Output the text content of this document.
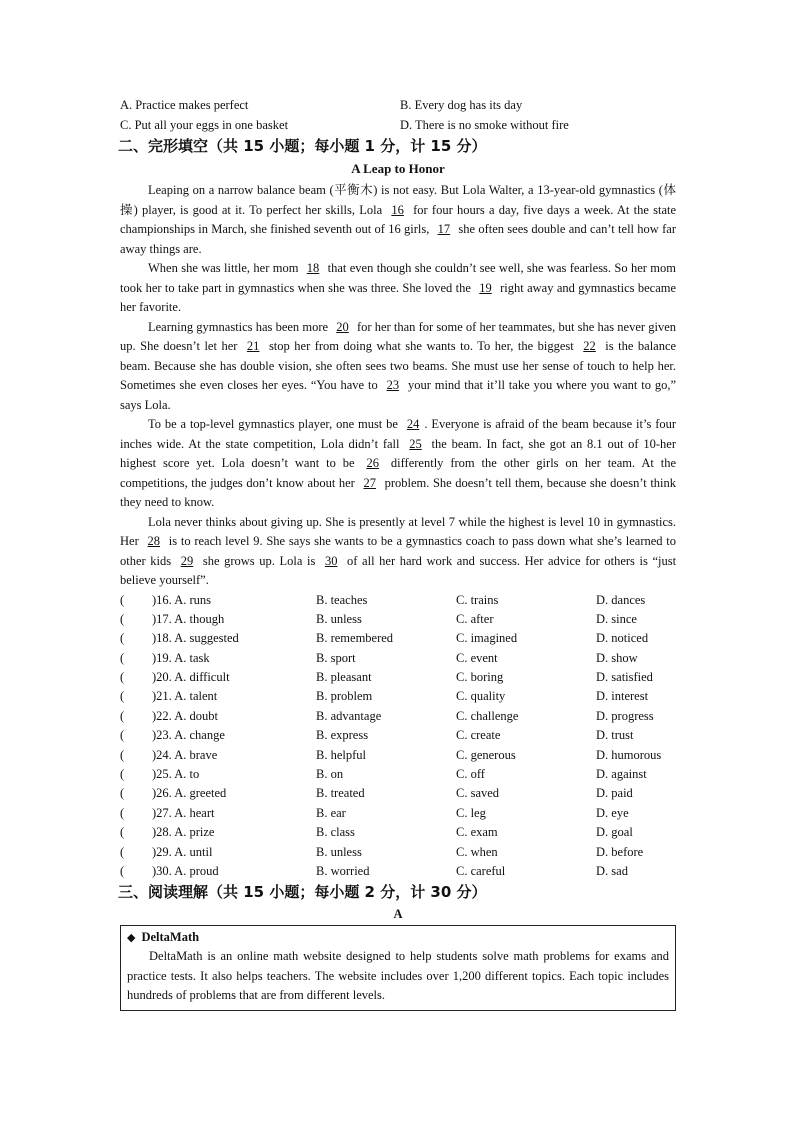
A. Practice makes perfect	B. Every dog has its day
C. Put all your eggs in one basket	D. There is no smoke without fire
二、完形填空（共 15 小题；每小题 1 分，计 15 分）
A Leap to Honor

Leaping on a narrow balance beam (平衡木) is not easy. But Lola Walter, a 13-year-old gymnastics (体操) player, is good at it. To perfect her skills, Lola 16 for four hours a day, five days a week. At the state championships in March, she finished seventh out of 16 girls, 17 she often sees double and can’t tell how far away things are.

When she was little, her mom 18 that even though she couldn’t see well, she was fearless. So her mom took her to take part in gymnastics when she was three. She loved the 19 right away and gymnastics became her favorite.

Learning gymnastics has been more 20 for her than for some of her teammates, but she has never given up. She doesn’t let her 21 stop her from doing what she wants to. To her, the biggest 22 is the balance beam. Because she has double vision, she often sees two beams. She must use her sense of touch to help her. Sometimes she even closes her eyes. “You have to 23 your mind that it’ll take you where you want to go,” says Lola.

To be a top-level gymnastics player, one must be 24 . Everyone is afraid of the beam because it’s four inches wide. At the state competition, Lola didn’t fall 25 the beam. In fact, she got an 8.1 out of 10-her highest score yet. Lola doesn’t want to be 26 differently from the other girls on her team. At the competitions, the judges don’t know about her 27 problem. She doesn’t tell them, because she doesn’t think they need to know.

Lola never thinks about giving up. She is presently at level 7 while the highest is level 10 in gymnastics. Her 28 is to reach level 9. She says she wants to be a gymnastics coach to pass down what she’s learned to other kids 29 she grows up. Lola is 30 of all her hard work and success. Her advice for others is “just believe yourself”.

(	)16. A. runs	B. teaches	C. trains	D. dances
(	)17. A. though	B. unless	C. after	D. since
(	)18. A. suggested	B. remembered	C. imagined	D. noticed
(	)19. A. task	B. sport	C. event	D. show
(	)20. A. difficult	B. pleasant	C. boring	D. satisfied
(	)21. A. talent	B. problem	C. quality	D. interest
(	)22. A. doubt	B. advantage	C. challenge	D. progress
(	)23. A. change	B. express	C. create	D. trust
(	)24. A. brave	B. helpful	C. generous	D. humorous
(	)25. A. to	B. on	C. off	D. against
(	)26. A. greeted	B. treated	C. saved	D. paid
(	)27. A. heart	B. ear	C. leg	D. eye
(	)28. A. prize	B. class	C. exam	D. goal
(	)29. A. until	B. unless	C. when	D. before
(	)30. A. proud	B. worried	C. careful	D. sad
三、阅读理解（共 15 小题；每小题 2 分，计 30 分）
A
◆ DeltaMath
DeltaMath is an online math website designed to help students solve math problems for exams and practice tests. It also helps teachers. The website includes over 1,200 different topics. Each topic includes hundreds of problems that are from different levels.
